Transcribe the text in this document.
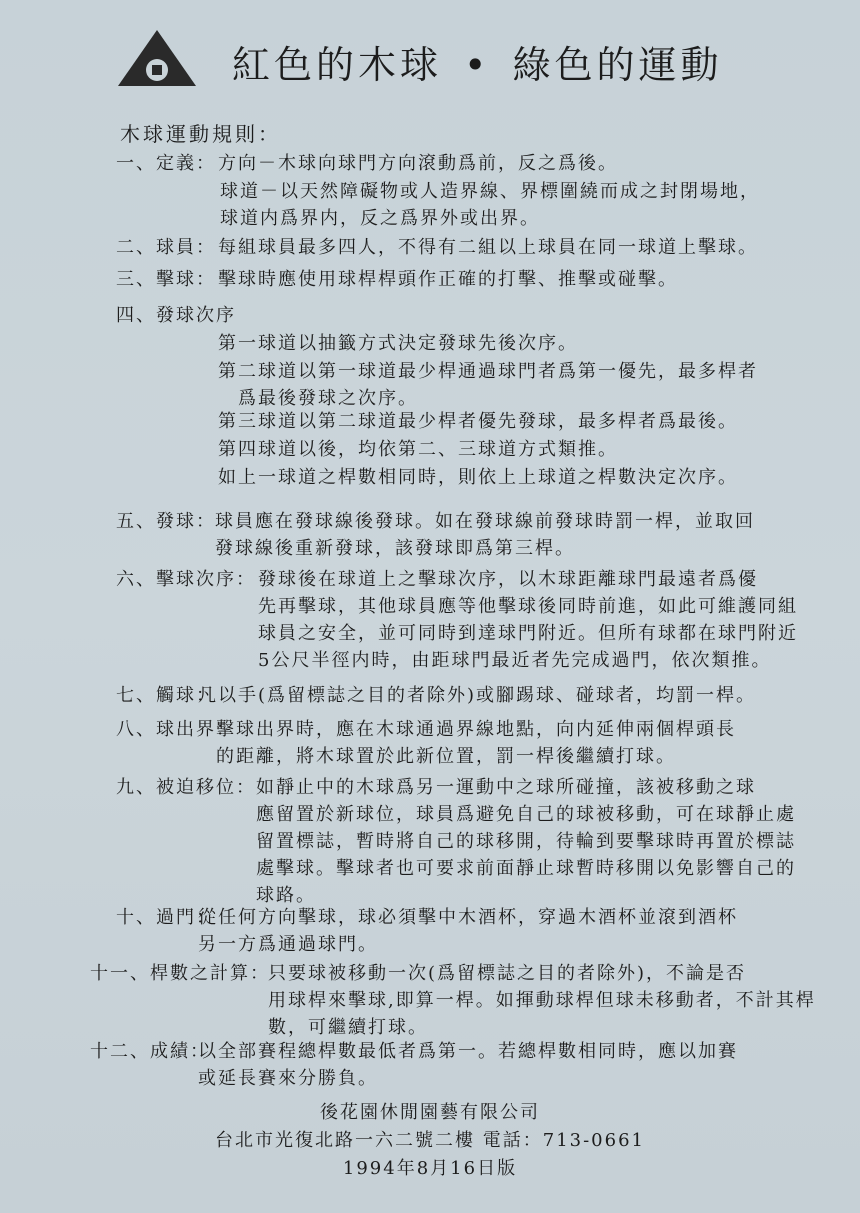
紅色的木球 • 綠色的運動
木球運動規則：
一、定義： 方向－木球向球門方向滾動爲前，反之爲後。
球道－以天然障礙物或人造界線、界標圍繞而成之封閉場地，
球道内爲界内，反之爲界外或出界。
二、球員： 每組球員最多四人，不得有二組以上球員在同一球道上擊球。
三、擊球： 擊球時應使用球桿桿頭作正確的打擊、推擊或碰擊。
四、發球次序
第一球道以抽籤方式決定發球先後次序。
第二球道以第一球道最少桿通過球門者爲第一優先，最多桿者
　爲最後發球之次序。
第三球道以第二球道最少桿者優先發球，最多桿者爲最後。
第四球道以後，均依第二、三球道方式類推。
如上一球道之桿數相同時，則依上上球道之桿數決定次序。
五、發球： 球員應在發球線後發球。如在發球線前發球時罰一桿，並取回
發球線後重新發球，該發球即爲第三桿。
六、擊球次序： 發球後在球道上之擊球次序，以木球距離球門最遠者爲優
先再擊球，其他球員應等他擊球後同時前進，如此可維護同組
球員之安全，並可同時到達球門附近。但所有球都在球門附近
5公尺半徑内時，由距球門最近者先完成過門，依次類推。
七、觸球：
凡以手(爲留標誌之目的者除外)或腳踢球、碰球者，均罰一桿。
八、球出界：
擊球出界時，應在木球通過界線地點，向内延伸兩個桿頭長
的距離，將木球置於此新位置，罰一桿後繼續打球。
九、被迫移位： 如靜止中的木球爲另一運動中之球所碰撞，該被移動之球
應留置於新球位，球員爲避免自己的球被移動，可在球靜止處
留置標誌，暫時將自己的球移開，待輪到要擊球時再置於標誌
處擊球。擊球者也可要求前面靜止球暫時移開以免影響自己的
球路。
十、過門：
從任何方向擊球，球必須擊中木酒杯，穿過木酒杯並滾到酒杯
另一方爲通過球門。
十一、桿數之計算：
只要球被移動一次(爲留標誌之目的者除外)，不論是否
用球桿來擊球,即算一桿。如揮動球桿但球未移動者，不計其桿
數，可繼續打球。
十二、成績：
以全部賽程總桿數最低者爲第一。若總桿數相同時，應以加賽
或延長賽來分勝負。
後花園休閒園藝有限公司
台北市光復北路一六二號二樓 電話：713-0661
1994年8月16日版
